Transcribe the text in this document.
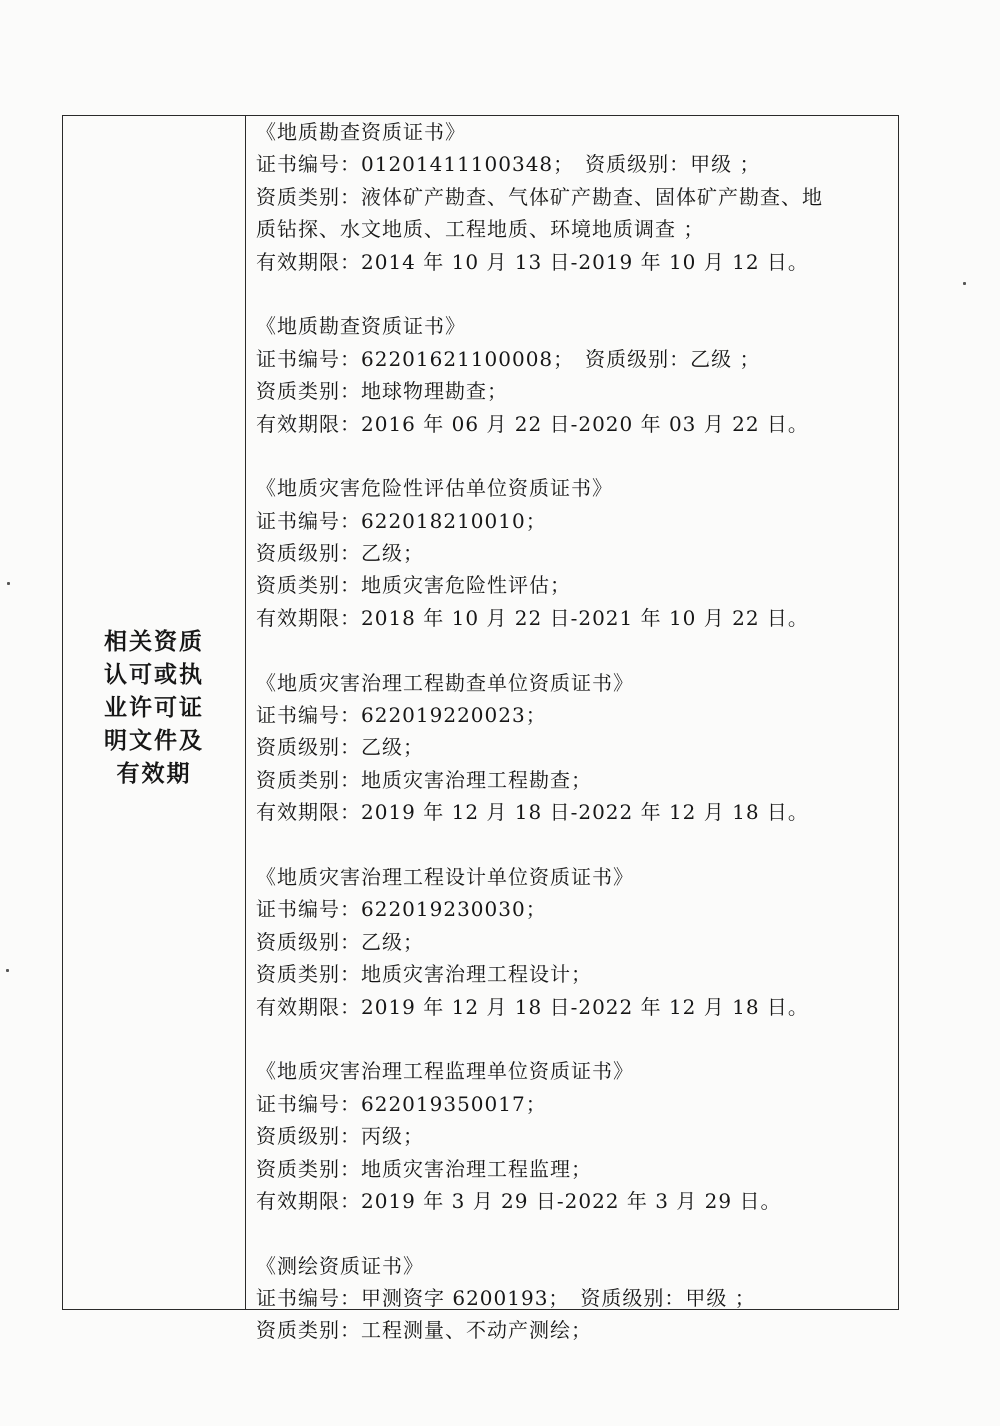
相关资质
认可或执
业许可证
明文件及
有效期
《地质勘查资质证书》
证书编号：01201411100348；　资质级别：甲级 ；
资质类别：液体矿产勘查、气体矿产勘查、固体矿产勘查、地
质钻探、水文地质、工程地质、环境地质调查 ；
有效期限：2014 年 10 月 13 日-2019 年 10 月 12 日。
《地质勘查资质证书》
证书编号：62201621100008；　资质级别：乙级 ；
资质类别：地球物理勘查；
有效期限：2016 年 06 月 22 日-2020 年 03 月 22 日。
《地质灾害危险性评估单位资质证书》
证书编号：622018210010；
资质级别：乙级；
资质类别：地质灾害危险性评估；
有效期限：2018 年 10 月 22 日-2021 年 10 月 22 日。
《地质灾害治理工程勘查单位资质证书》
证书编号：622019220023；
资质级别：乙级；
资质类别：地质灾害治理工程勘查；
有效期限：2019 年 12 月 18 日-2022 年 12 月 18 日。
《地质灾害治理工程设计单位资质证书》
证书编号：622019230030；
资质级别：乙级；
资质类别：地质灾害治理工程设计；
有效期限：2019 年 12 月 18 日-2022 年 12 月 18 日。
《地质灾害治理工程监理单位资质证书》
证书编号：622019350017；
资质级别：丙级；
资质类别：地质灾害治理工程监理；
有效期限：2019 年 3 月 29 日-2022 年 3 月 29 日。
《测绘资质证书》
证书编号：甲测资字 6200193；　资质级别：甲级 ；
资质类别：工程测量、不动产测绘；
